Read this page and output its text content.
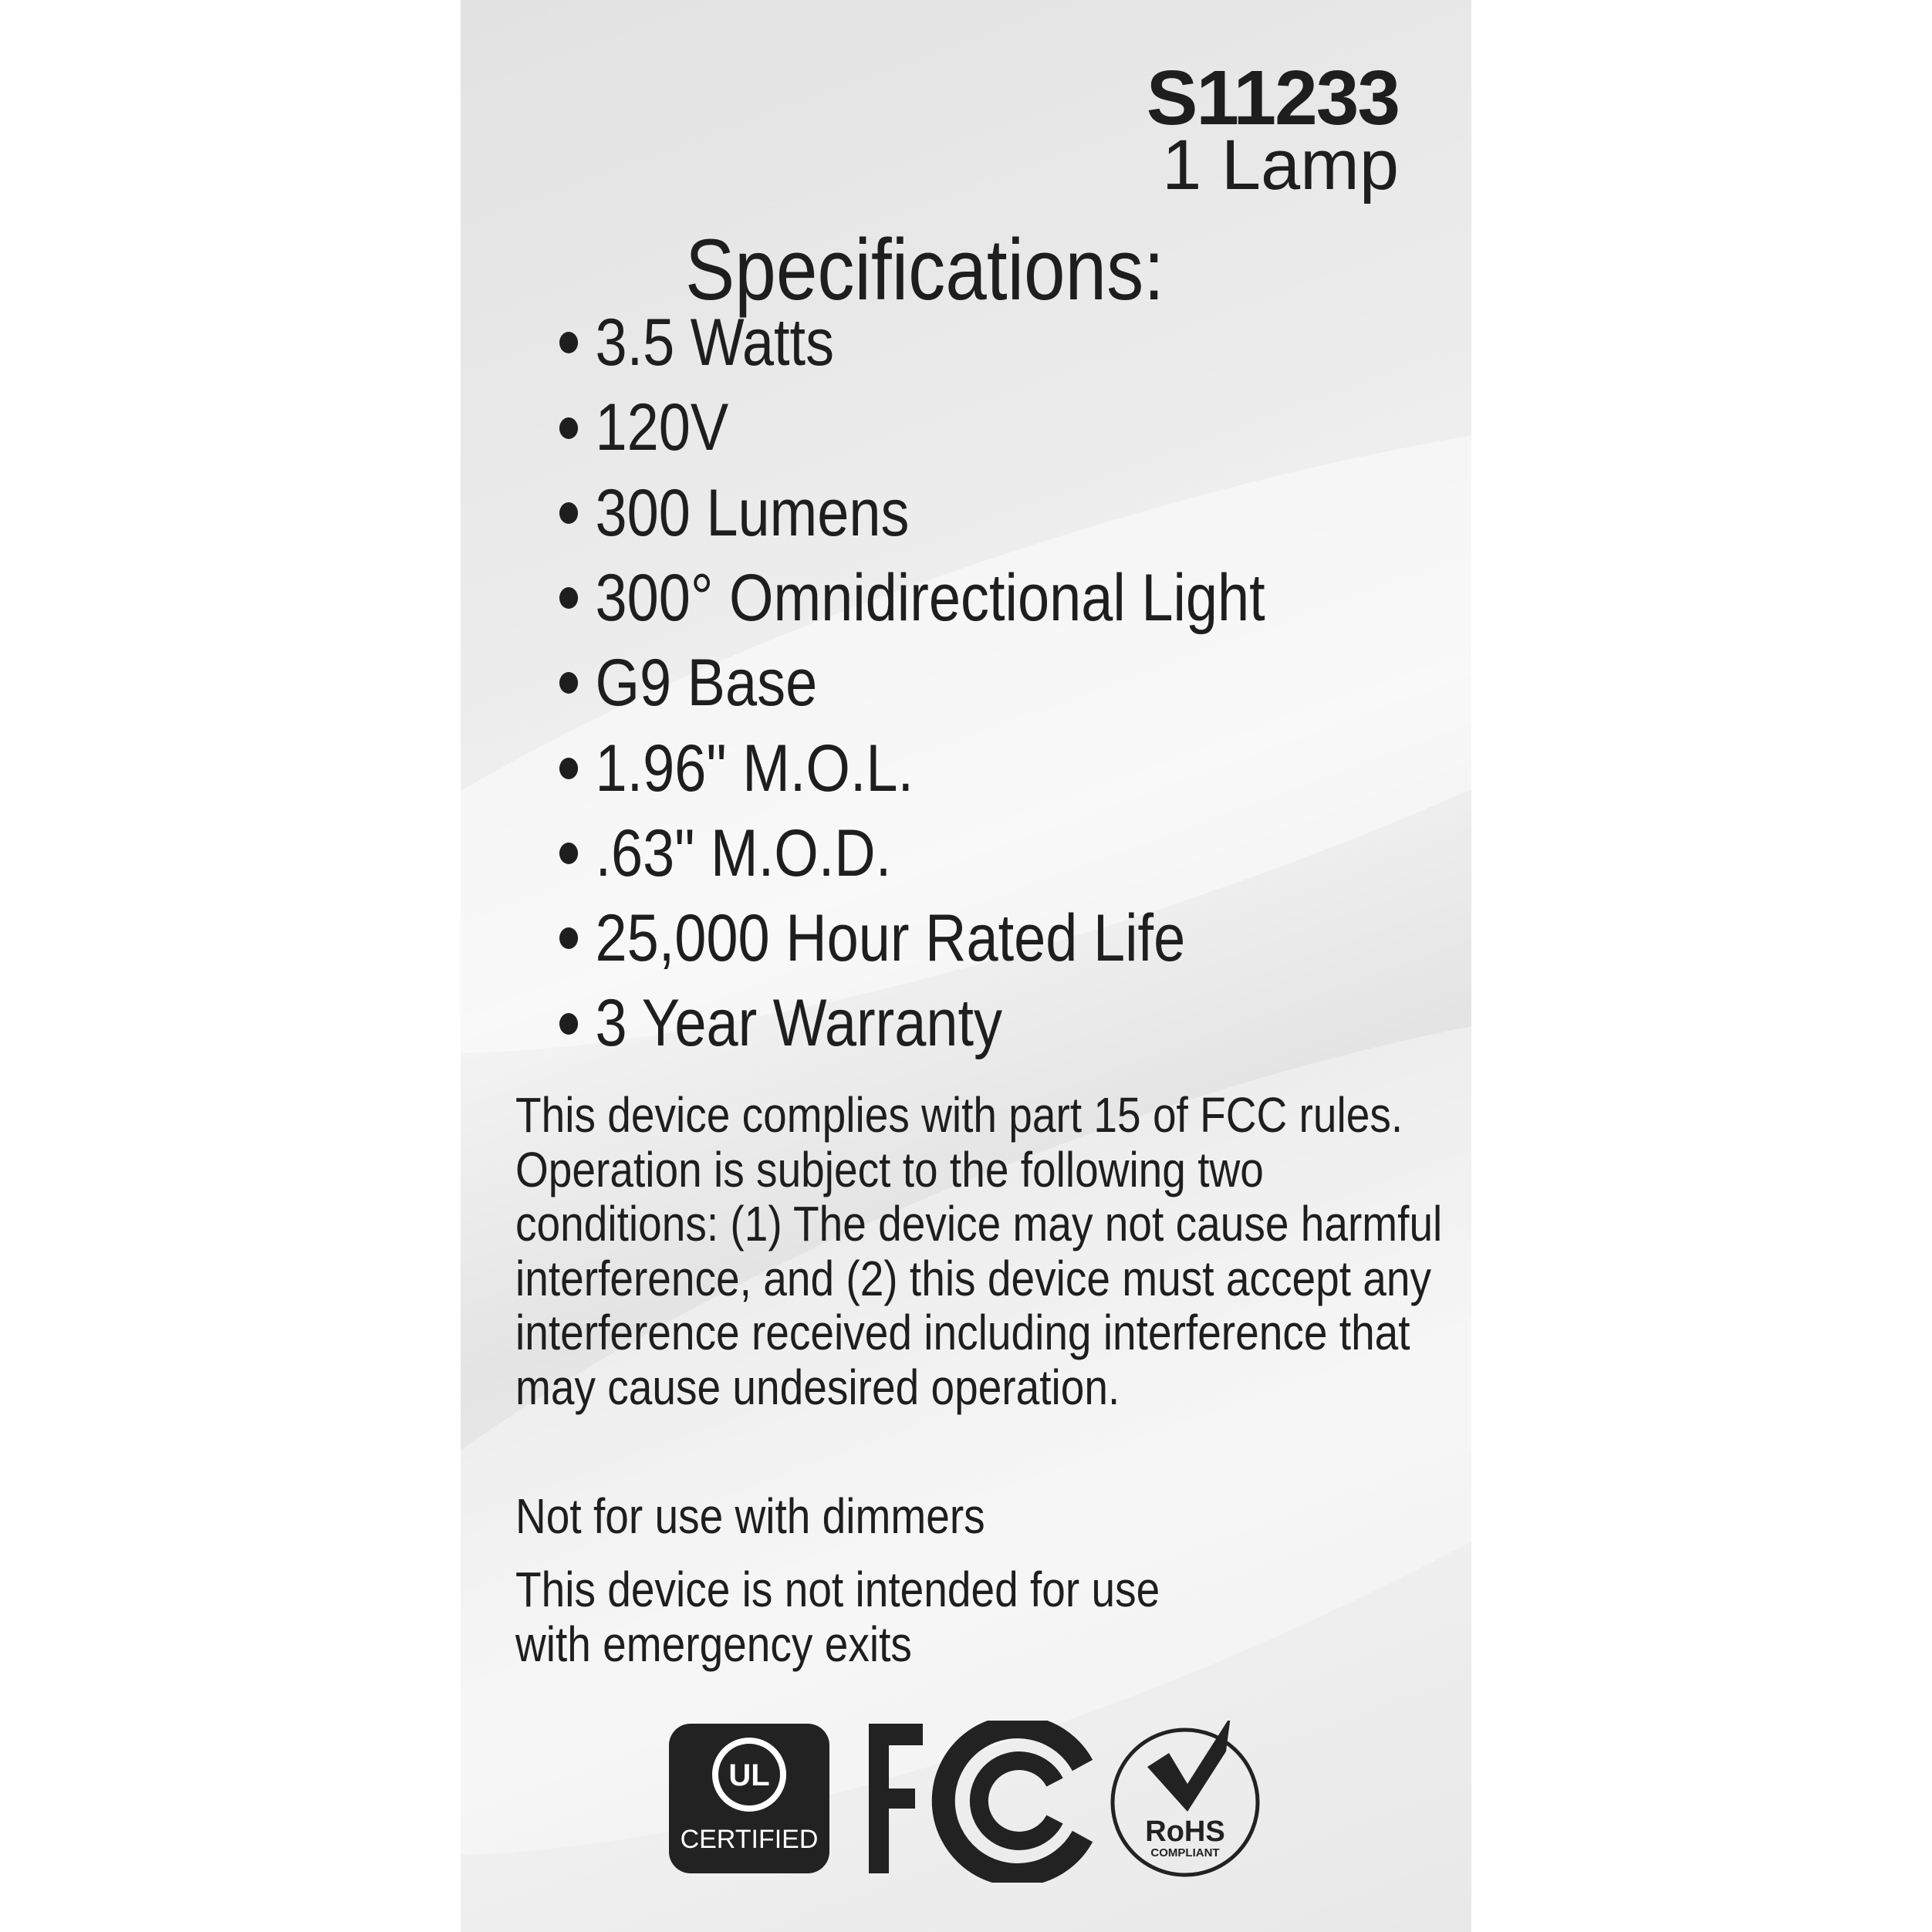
S11233
1 Lamp
Specifications:
3.5 Watts
120V
300 Lumens
300° Omnidirectional Light
G9 Base
1.96" M.O.L.
.63" M.O.D.
25,000 Hour Rated Life
3 Year Warranty
This device complies with part 15 of FCC rules. Operation is subject to the following two conditions: (1) The device may not cause harmful interference, and (2) this device must accept any interference received including interference that may cause undesired operation.
Not for use with dimmers
This device is not intended for use with emergency exits
UL
CERTIFIED	RoHS
COMPLIANT
